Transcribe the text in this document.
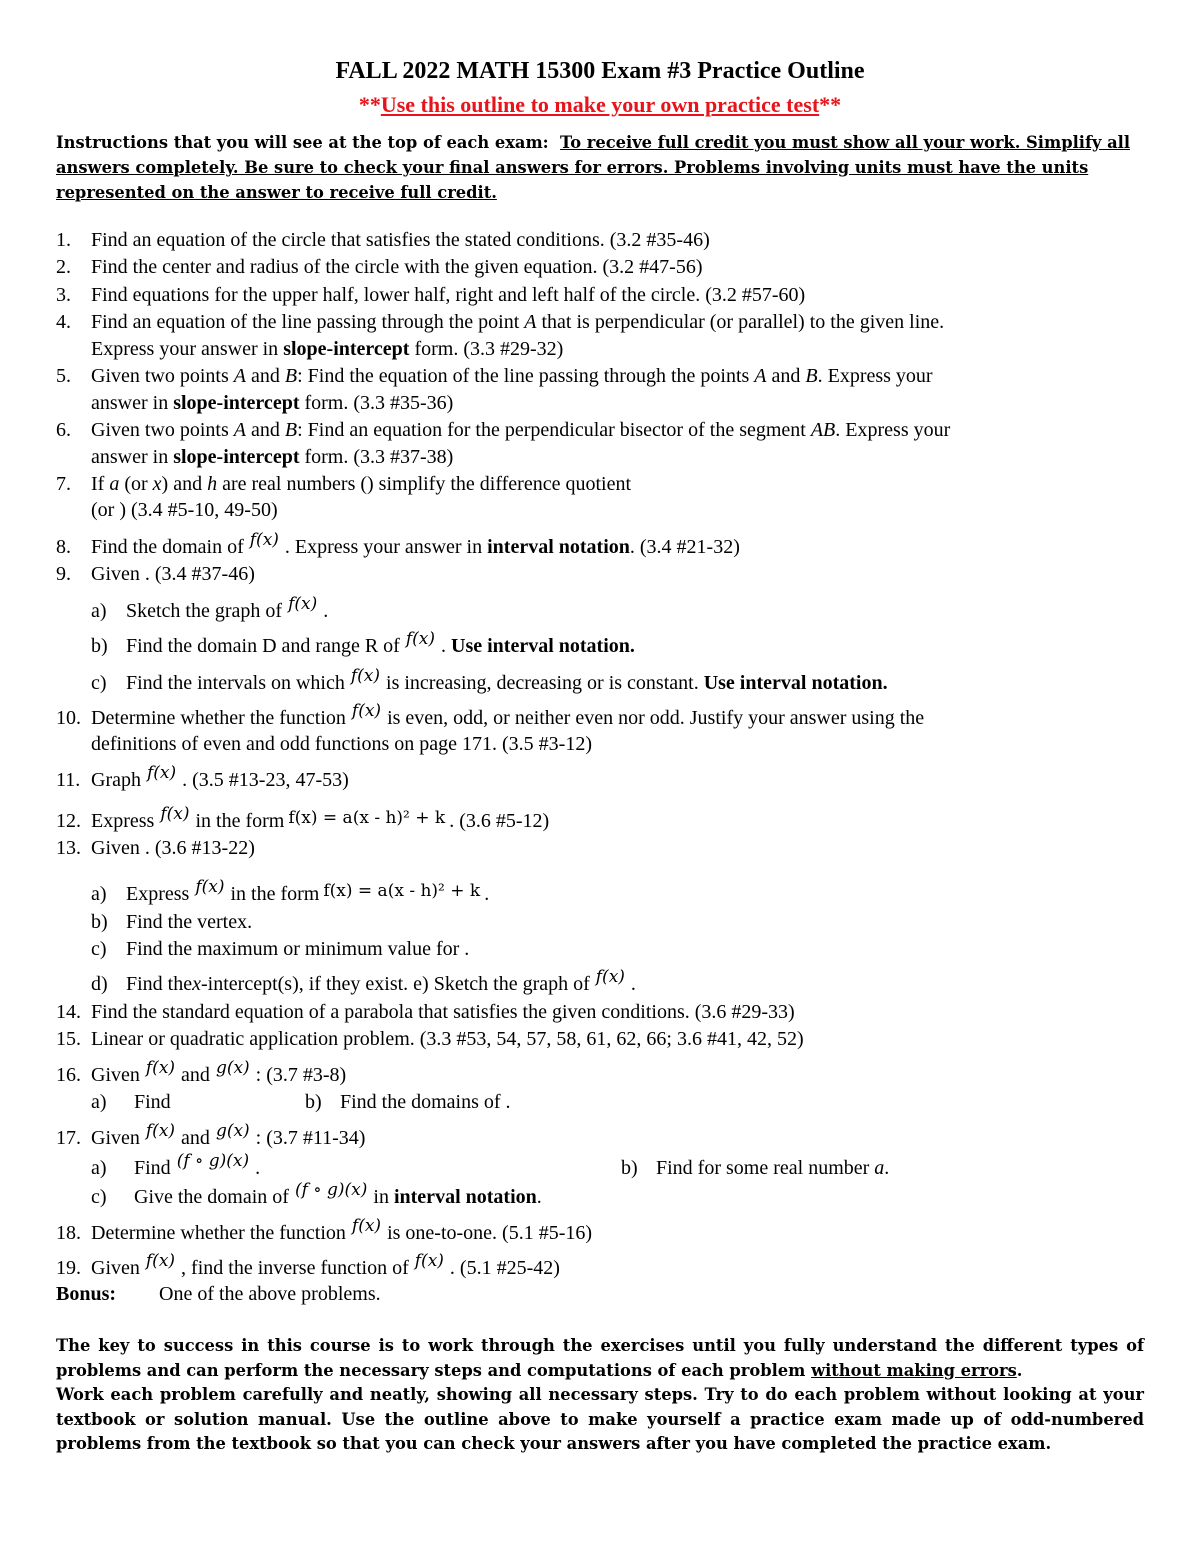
FALL 2022 MATH 15300 Exam #3 Practice Outline
**Use this outline to make your own practice test**
Instructions that you will see at the top of each exam: To receive full credit you must show all your work. Simplify all answers completely. Be sure to check your final answers for errors. Problems involving units must have the units represented on the answer to receive full credit.
1. Find an equation of the circle that satisfies the stated conditions. (3.2 #35-46)
2. Find the center and radius of the circle with the given equation. (3.2 #47-56)
3. Find equations for the upper half, lower half, right and left half of the circle. (3.2 #57-60)
4. Find an equation of the line passing through the point A that is perpendicular (or parallel) to the given line.
Express your answer in slope-intercept form. (3.3 #29-32)
5. Given two points A and B: Find the equation of the line passing through the points A and B. Express your
answer in slope-intercept form. (3.3 #35-36)
6. Given two points A and B: Find an equation for the perpendicular bisector of the segment AB. Express your
answer in slope-intercept form. (3.3 #37-38)
7. If a (or x) and h are real numbers () simplify the difference quotient
(or ) (3.4 #5-10, 49-50)
8. Find the domain of $^{f(x)}$ . Express your answer in interval notation. (3.4 #21-32)
9. Given . (3.4 #37-46)
a) Sketch the graph of $^{f(x)}$ .
b) Find the domain D and range R of $^{f(x)}$ . Use interval notation.
c) Find the intervals on which $^{f(x)}$ is increasing, decreasing or is constant. Use interval notation.
10. Determine whether the function $^{f(x)}$ is even, odd, or neither even nor odd. Justify your answer using the
definitions of even and odd functions on page 171. (3.5 #3-12)
11. Graph $^{f(x)}$ . (3.5 #13-23, 47-53)
12. Express $^{f(x)}$ in the form $^{f(x) = a(x - h)^2 + k}$ . (3.6 #5-12)
13. Given . (3.6 #13-22)
a) Express $^{f(x)}$ in the form $^{f(x) = a(x - h)^2 + k}$ .
b) Find the vertex.
c) Find the maximum or minimum value for .
d) Find thex-intercept(s), if they exist. e) Sketch the graph of $^{f(x)}$ .
14. Find the standard equation of a parabola that satisfies the given conditions. (3.6 #29-33)
15. Linear or quadratic application problem. (3.3 #53, 54, 57, 58, 61, 62, 66; 3.6 #41, 42, 52)
16. Given $^{f(x)}$ and $^{g(x)}$ : (3.7 #3-8)
a) Find	b) Find the domains of .
17. Given $^{f(x)}$ and $^{g(x)}$ : (3.7 #11-34)
a) Find $^{(f \circ g)(x)}$ .	b) Find for some real number a.
c) Give the domain of $^{(f \circ g)(x)}$ in interval notation.
18. Determine whether the function $^{f(x)}$ is one-to-one. (5.1 #5-16)
19. Given $^{f(x)}$ , find the inverse function of $^{f(x)}$ . (5.1 #25-42)
Bonus: One of the above problems.
The key to success in this course is to work through the exercises until you fully understand the different types of problems and can perform the necessary steps and computations of each problem without making errors.
Work each problem carefully and neatly, showing all necessary steps. Try to do each problem without looking at your textbook or solution manual. Use the outline above to make yourself a practice exam made up of odd-numbered problems from the textbook so that you can check your answers after you have completed the practice exam.
